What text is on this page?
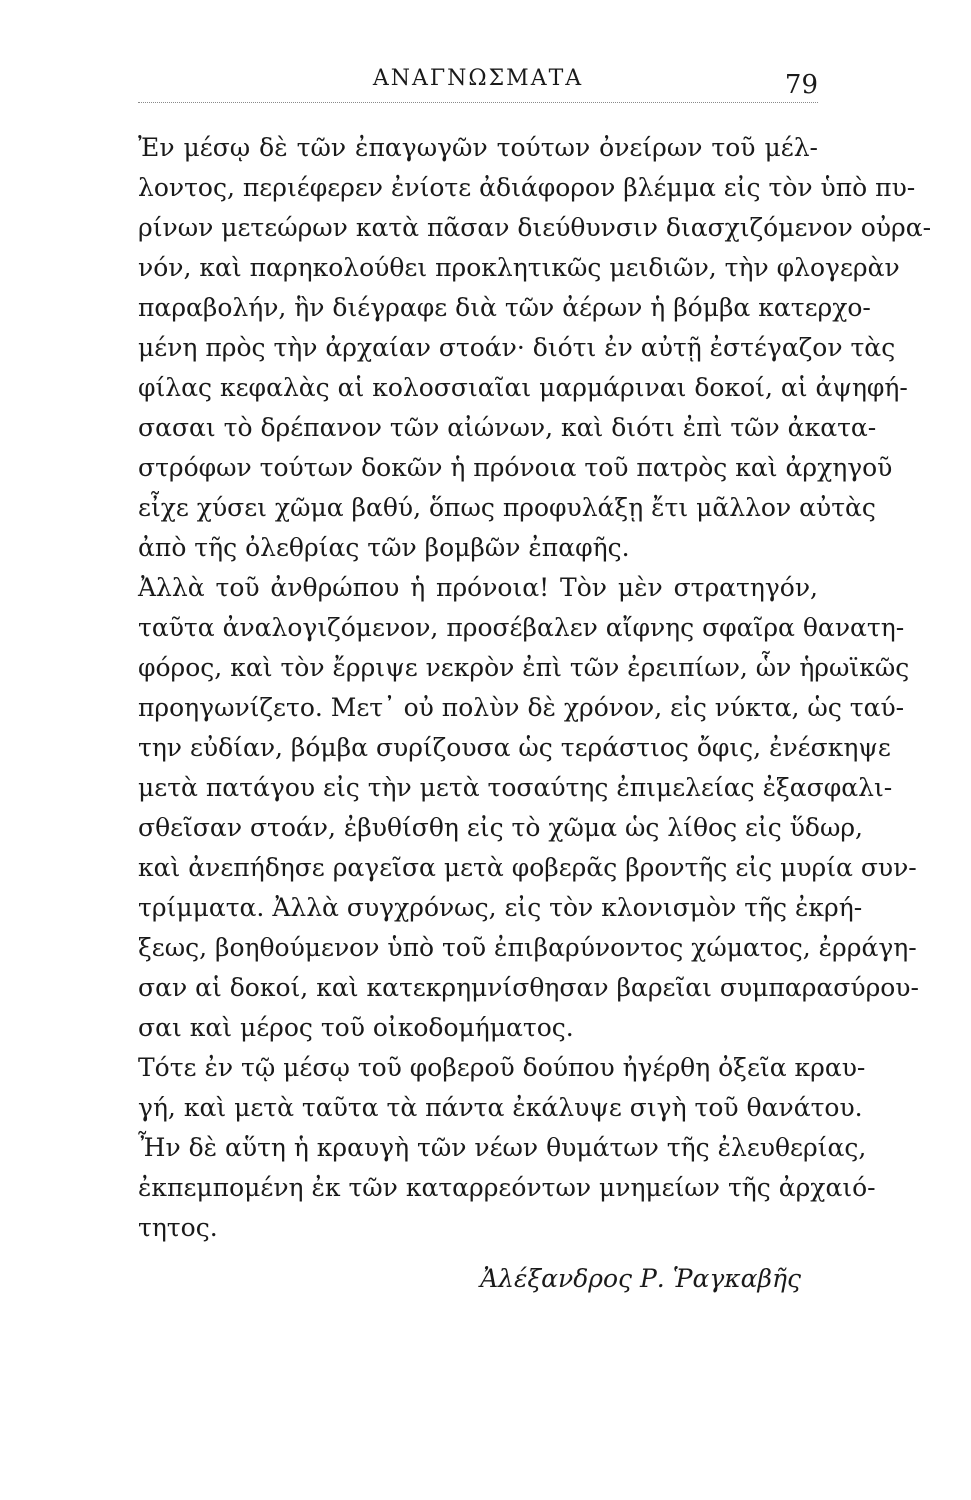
ΑΝΑΓΝΩΣΜΑΤΑ	79
Ἐν μέσῳ δὲ τῶν ἐπαγωγῶν τούτων ὀνείρων τοῦ μέλ-
λοντος, περιέφερεν ἐνίοτε ἀδιάφορον βλέμμα εἰς τὸν ὑπὸ πυ-
ρίνων μετεώρων κατὰ πᾶσαν διεύθυνσιν διασχιζόμενον οὐρα-
νόν, καὶ παρηκολούθει προκλητικῶς μειδιῶν, τὴν φλογερὰν
παραβολήν, ἣν διέγραφε διὰ τῶν ἀέρων ἡ βόμβα κατερχο-
μένη πρὸς τὴν ἀρχαίαν στοάν· διότι ἐν αὐτῇ ἐστέγαζον τὰς
φίλας κεφαλὰς αἱ κολοσσιαῖαι μαρμάριναι δοκοί, αἱ ἀψηφή-
σασαι τὸ δρέπανον τῶν αἰώνων, καὶ διότι ἐπὶ τῶν ἀκατα-
στρόφων τούτων δοκῶν ἡ πρόνοια τοῦ πατρὸς καὶ ἀρχηγοῦ
εἶχε χύσει χῶμα βαθύ, ὅπως προφυλάξῃ ἔτι μᾶλλον αὐτὰς
ἀπὸ τῆς ὀλεθρίας τῶν βομβῶν ἐπαφῆς.
Ἀλλὰ τοῦ ἀνθρώπου ἡ πρόνοια! Τὸν μὲν στρατηγόν,
ταῦτα ἀναλογιζόμενον, προσέβαλεν αἴφνης σφαῖρα θανατη-
φόρος, καὶ τὸν ἔρριψε νεκρὸν ἐπὶ τῶν ἐρειπίων, ὧν ἡρωϊκῶς
προηγωνίζετο. Μετ᾽ οὐ πολὺν δὲ χρόνον, εἰς νύκτα, ὡς ταύ-
την εὐδίαν, βόμβα συρίζουσα ὡς τεράστιος ὄφις, ἐνέσκηψε
μετὰ πατάγου εἰς τὴν μετὰ τοσαύτης ἐπιμελείας ἐξασφαλι-
σθεῖσαν στοάν, ἐβυθίσθη εἰς τὸ χῶμα ὡς λίθος εἰς ὕδωρ,
καὶ ἀνεπήδησε ραγεῖσα μετὰ φοβερᾶς βροντῆς εἰς μυρία συν-
τρίμματα. Ἀλλὰ συγχρόνως, εἰς τὸν κλονισμὸν τῆς ἐκρή-
ξεως, βοηθούμενον ὑπὸ τοῦ ἐπιβαρύνοντος χώματος, ἐρράγη-
σαν αἱ δοκοί, καὶ κατεκρημνίσθησαν βαρεῖαι συμπαρασύρου-
σαι καὶ μέρος τοῦ οἰκοδομήματος.
Τότε ἐν τῷ μέσῳ τοῦ φοβεροῦ δούπου ἠγέρθη ὀξεῖα κραυ-
γή, καὶ μετὰ ταῦτα τὰ πάντα ἐκάλυψε σιγὴ τοῦ θανάτου.
Ἦν δὲ αὕτη ἡ κραυγὴ τῶν νέων θυμάτων τῆς ἐλευθερίας,
ἐκπεμπομένη ἐκ τῶν καταρρεόντων μνημείων τῆς ἀρχαιό-
τητος.
Ἀλέξανδρος Ρ. Ῥαγκαβῆς
